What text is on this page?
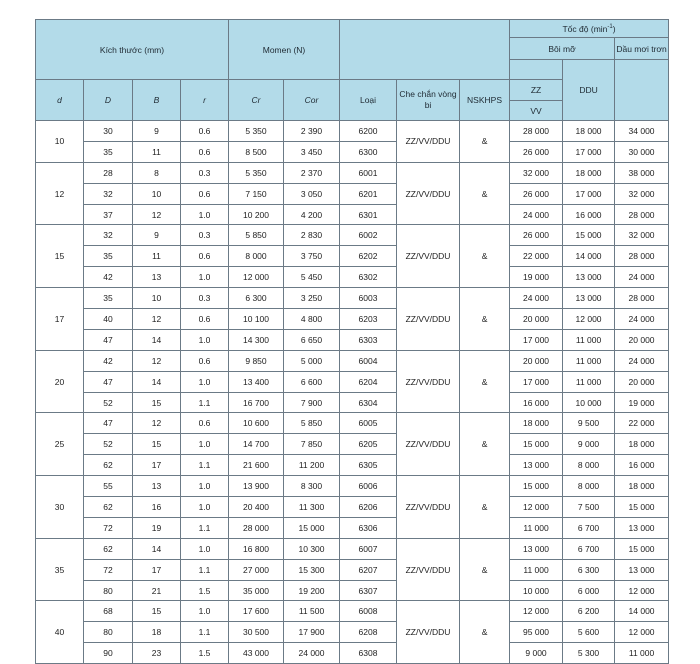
Kích thước (mm)				Momen (N)					Tốc độ $(\min^{-1})$		
									Bôi mỡ		Dầu mơi trơn
										DDU	
d	D	B	r	Cr	Cor	Loại	Che chắn vòng bi	NSKHPS	ZZ		
									VV		
10	30	9	0.6	5 350	2 390	6200	ZZ/VV/DDU	&	28 000	18 000	34 000
	35	11	0.6	8 500	3 450	6300			26 000	17 000	30 000
12	28	8	0.3	5 350	2 370	6001	ZZ/VV/DDU	&	32 000	18 000	38 000
	32	10	0.6	7 150	3 050	6201			26 000	17 000	32 000
	37	12	1.0	10 200	4 200	6301			24 000	16 000	28 000
15	32	9	0.3	5 850	2 830	6002	ZZ/VV/DDU	&	26 000	15 000	32 000
	35	11	0.6	8 000	3 750	6202			22 000	14 000	28 000
	42	13	1.0	12 000	5 450	6302			19 000	13 000	24 000
17	35	10	0.3	6 300	3 250	6003	ZZ/VV/DDU	&	24 000	13 000	28 000
	40	12	0.6	10 100	4 800	6203			20 000	12 000	24 000
	47	14	1.0	14 300	6 650	6303			17 000	11 000	20 000
20	42	12	0.6	9 850	5 000	6004	ZZ/VV/DDU	&	20 000	11 000	24 000
	47	14	1.0	13 400	6 600	6204			17 000	11 000	20 000
	52	15	1.1	16 700	7 900	6304			16 000	10 000	19 000
25	47	12	0.6	10 600	5 850	6005	ZZ/VV/DDU	&	18 000	9 500	22 000
	52	15	1.0	14 700	7 850	6205			15 000	9 000	18 000
	62	17	1.1	21 600	11 200	6305			13 000	8 000	16 000
30	55	13	1.0	13 900	8 300	6006	ZZ/VV/DDU	&	15 000	8 000	18 000
	62	16	1.0	20 400	11 300	6206			12 000	7 500	15 000
	72	19	1.1	28 000	15 000	6306			11 000	6 700	13 000
35	62	14	1.0	16 800	10 300	6007	ZZ/VV/DDU	&	13 000	6 700	15 000
	72	17	1.1	27 000	15 300	6207			11 000	6 300	13 000
	80	21	1.5	35 000	19 200	6307			10 000	6 000	12 000
40	68	15	1.0	17 600	11 500	6008	ZZ/VV/DDU	&	12 000	6 200	14 000
	80	18	1.1	30 500	17 900	6208			95 000	5 600	12 000
	90	23	1.5	43 000	24 000	6308			9 000	5 300	11 000
